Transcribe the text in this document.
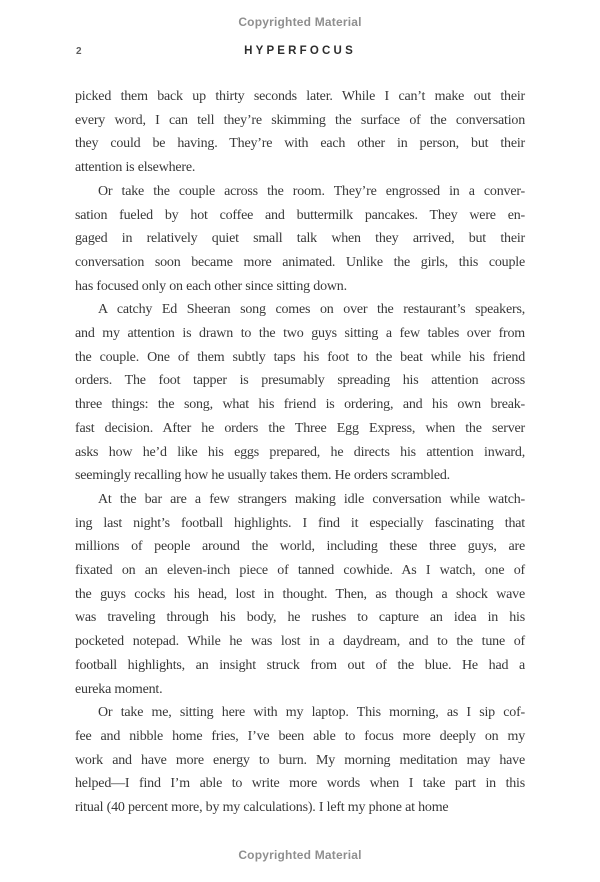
Copyrighted Material
2	HYPERFOCUS
picked them back up thirty seconds later. While I can’t make out their
every word, I can tell they’re skimming the surface of the conversation
they could be having. They’re with each other in person, but their
attention is elsewhere.
Or take the couple across the room. They’re engrossed in a conver-
sation fueled by hot coffee and buttermilk pancakes. They were en-
gaged in relatively quiet small talk when they arrived, but their
conversation soon became more animated. Unlike the girls, this couple
has focused only on each other since sitting down.
A catchy Ed Sheeran song comes on over the restaurant’s speakers,
and my attention is drawn to the two guys sitting a few tables over from
the couple. One of them subtly taps his foot to the beat while his friend
orders. The foot tapper is presumably spreading his attention across
three things: the song, what his friend is ordering, and his own break-
fast decision. After he orders the Three Egg Express, when the server
asks how he’d like his eggs prepared, he directs his attention inward,
seemingly recalling how he usually takes them. He orders scrambled.
At the bar are a few strangers making idle conversation while watch-
ing last night’s football highlights. I find it especially fascinating that
millions of people around the world, including these three guys, are
fixated on an eleven-inch piece of tanned cowhide. As I watch, one of
the guys cocks his head, lost in thought. Then, as though a shock wave
was traveling through his body, he rushes to capture an idea in his
pocketed notepad. While he was lost in a daydream, and to the tune of
football highlights, an insight struck from out of the blue. He had a
eureka moment.
Or take me, sitting here with my laptop. This morning, as I sip cof-
fee and nibble home fries, I’ve been able to focus more deeply on my
work and have more energy to burn. My morning meditation may have
helped—I find I’m able to write more words when I take part in this
ritual (40 percent more, by my calculations). I left my phone at home
Copyrighted Material
